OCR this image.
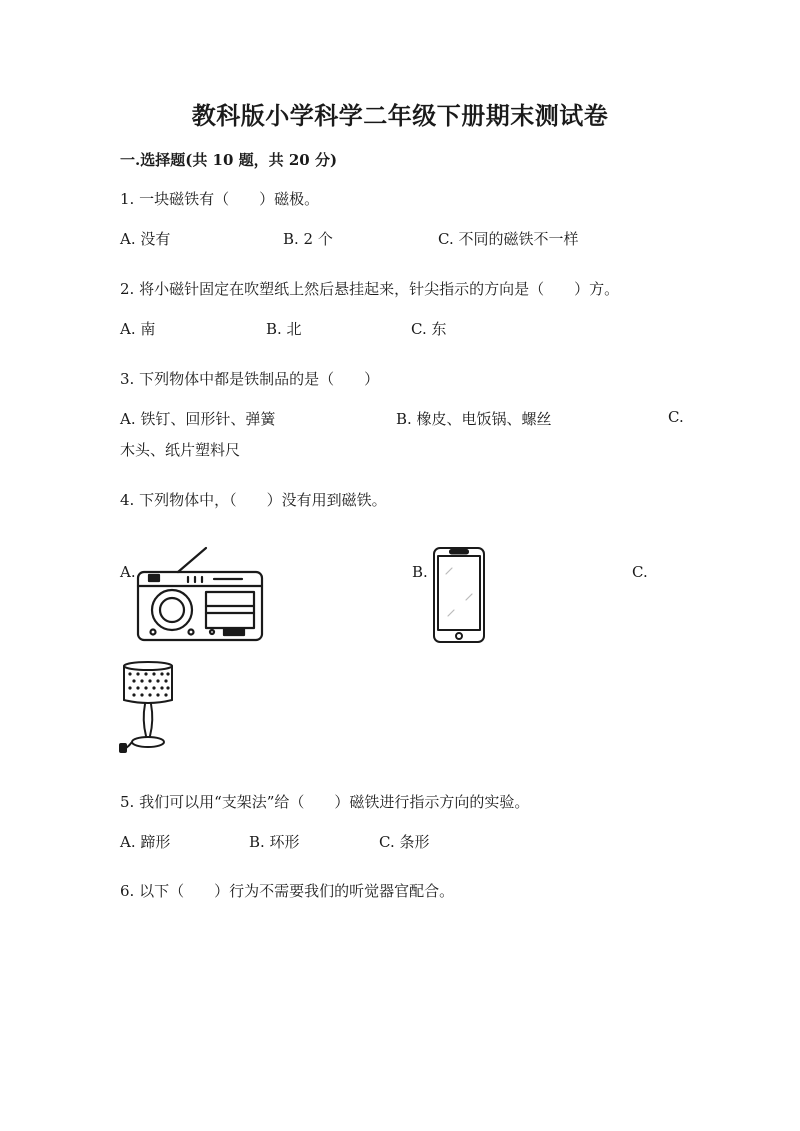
教科版小学科学二年级下册期末测试卷
一.选择题(共 10 题，共 20 分)
1. 一块磁铁有（　　）磁极。
A. 没有	B. 2 个	C. 不同的磁铁不一样
2. 将小磁针固定在吹塑纸上然后悬挂起来，针尖指示的方向是（　　）方。
A. 南	B. 北	C. 东
3. 下列物体中都是铁制品的是（　　）
A. 铁钉、回形针、弹簧	B. 橡皮、电饭锅、螺丝	C.
木头、纸片塑料尺
4. 下列物体中，（　　）没有用到磁铁。
A.	B.	C.
5. 我们可以用“支架法”给（　　）磁铁进行指示方向的实验。
A. 蹄形	B. 环形	C. 条形
6. 以下（　　）行为不需要我们的听觉器官配合。
